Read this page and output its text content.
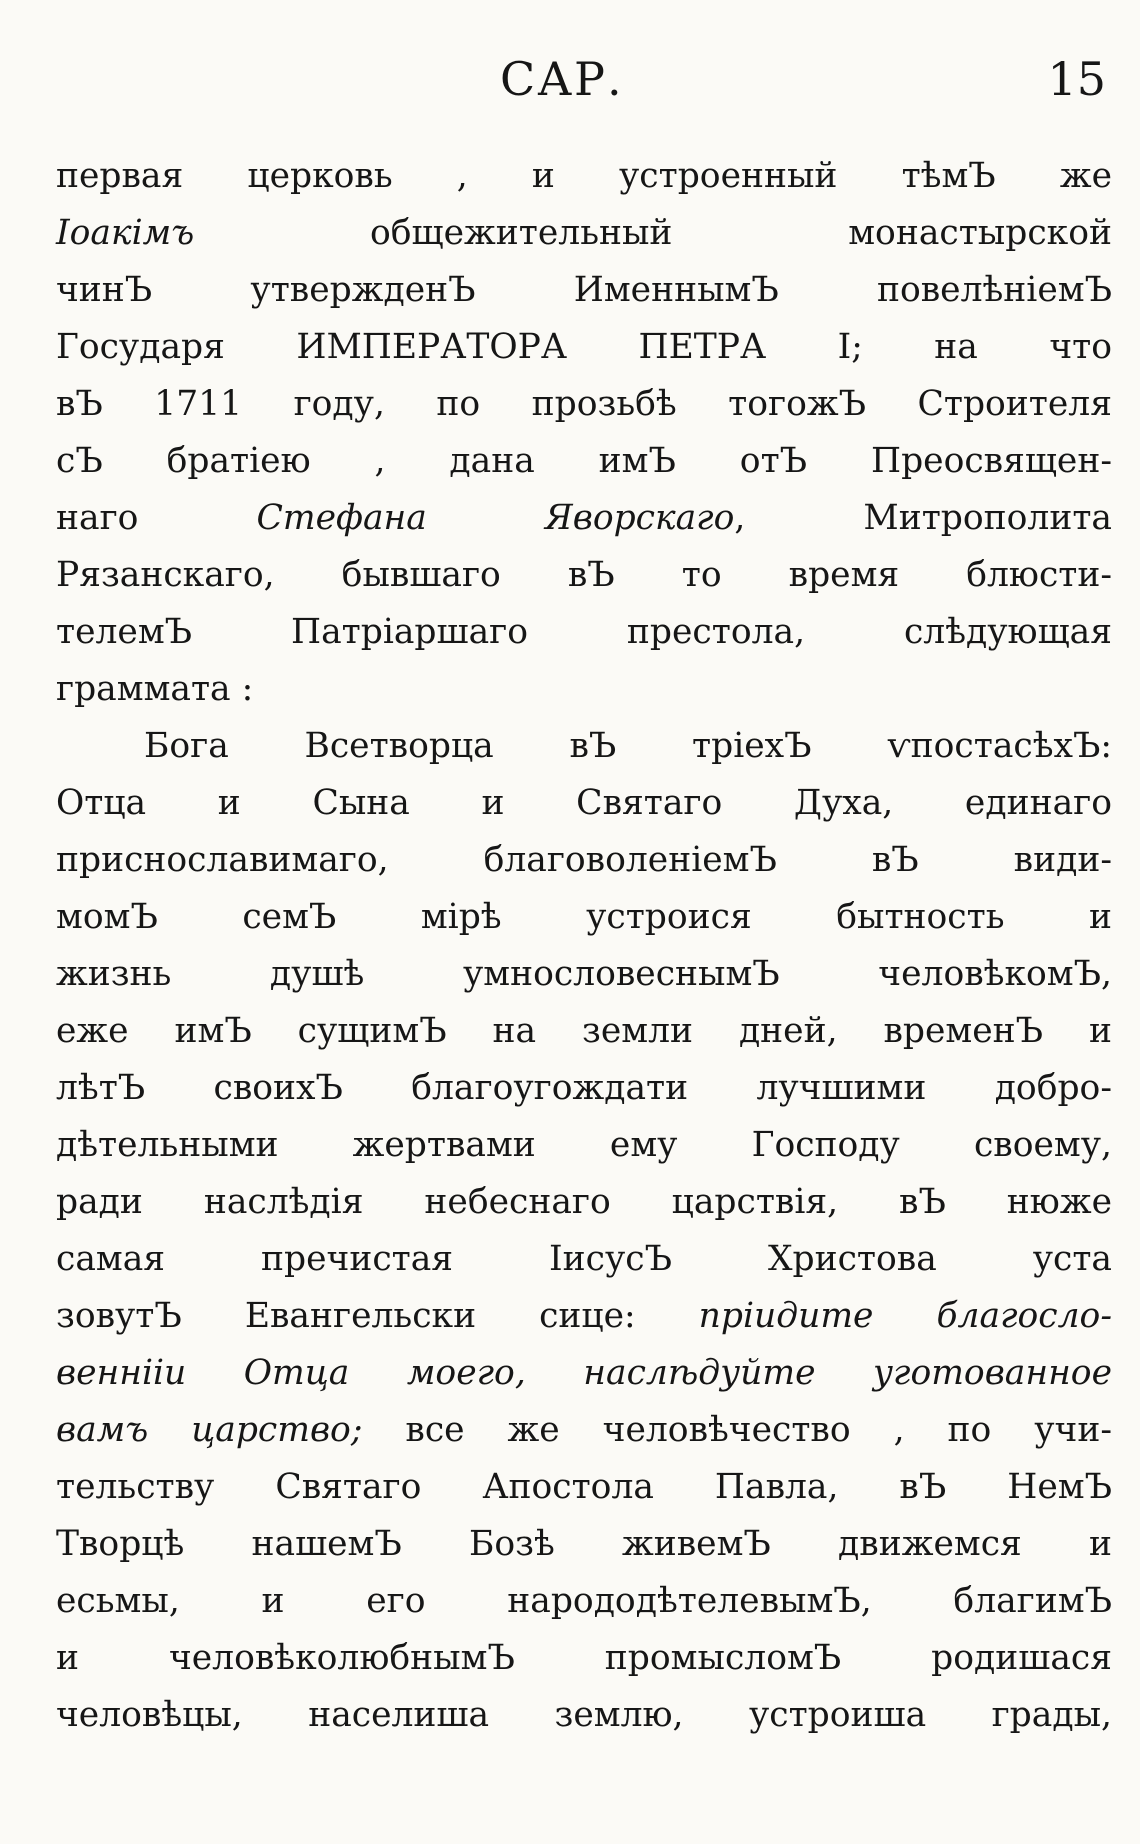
САР.	15
первая церковь , и устроенный тѣмЪ же
Іоакімъ общежительный монастырской
чинЪ утвержденЪ ИменнымЪ повелѣніемЪ
Государя ИМПЕРАТОРА ПЕТРА І; на что
вЪ 1711 году, по прозьбѣ тогожЪ Строителя
сЪ братіею , дана имЪ отЪ Преосвящен-
наго Стефана Яворскаго, Митрополита
Рязанскаго, бывшаго вЪ то время блюсти-
телемЪ Патріаршаго престола, слѣдующая
граммата :
Бога Всетворца вЪ тріехЪ ѵпостасѣхЪ:
Отца и Сына и Святаго Духа, единаго
приснославимаго, благоволеніемЪ вЪ види-
момЪ семЪ мірѣ устроися бытность и
жизнь душѣ умнословеснымЪ человѣкомЪ,
еже имЪ сущимЪ на земли дней, временЪ и
лѣтЪ своихЪ благоугождати лучшими добро-
дѣтельными жертвами ему Господу своему,
ради наслѣдія небеснаго царствія, вЪ нюже
самая пречистая ІисусЪ Христова уста
зовутЪ Евангельски сице: пріидите благосло-
веннііи Отца моего, наслѣдуйте уготованное
вамъ царство; все же человѣчество , по учи-
тельству Святаго Апостола Павла, вЪ НемЪ
Творцѣ нашемЪ Бозѣ живемЪ движемся и
есьмы, и его народодѣтелевымЪ, благимЪ
и человѣколюбнымЪ промысломЪ родишася
человѣцы, населиша землю, устроиша грады,
